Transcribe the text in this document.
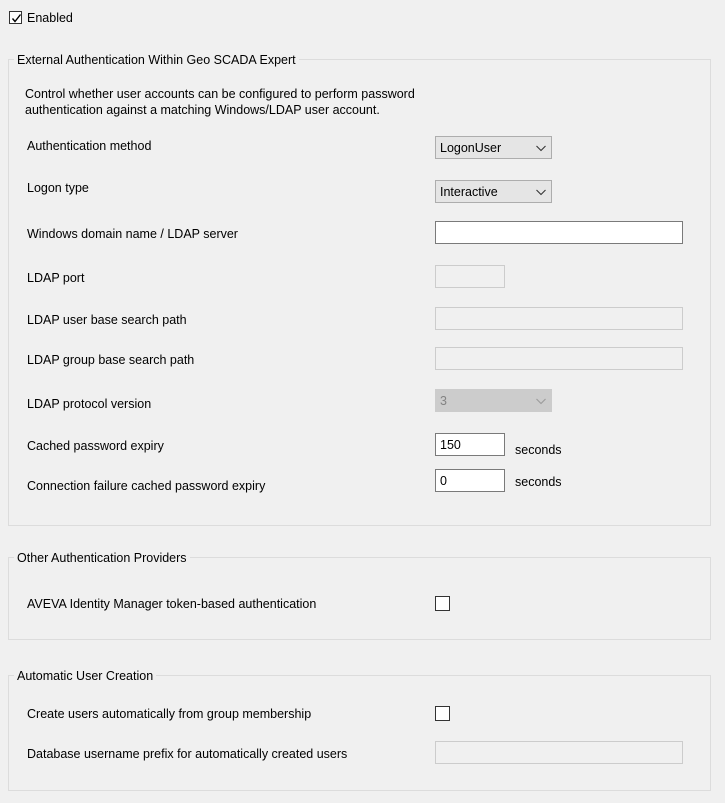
Enabled
External Authentication Within Geo SCADA Expert
Control whether user accounts can be configured to perform password
authentication against a matching Windows/LDAP user account.
Authentication method	LogonUser
Logon type	Interactive
Windows domain name / LDAP server
LDAP port
LDAP user base search path
LDAP group base search path
LDAP protocol version	3
Cached password expiry	150	seconds
Connection failure cached password expiry	0	seconds
Other Authentication Providers
AVEVA Identity Manager token-based authentication
Automatic User Creation
Create users automatically from group membership
Database username prefix for automatically created users
